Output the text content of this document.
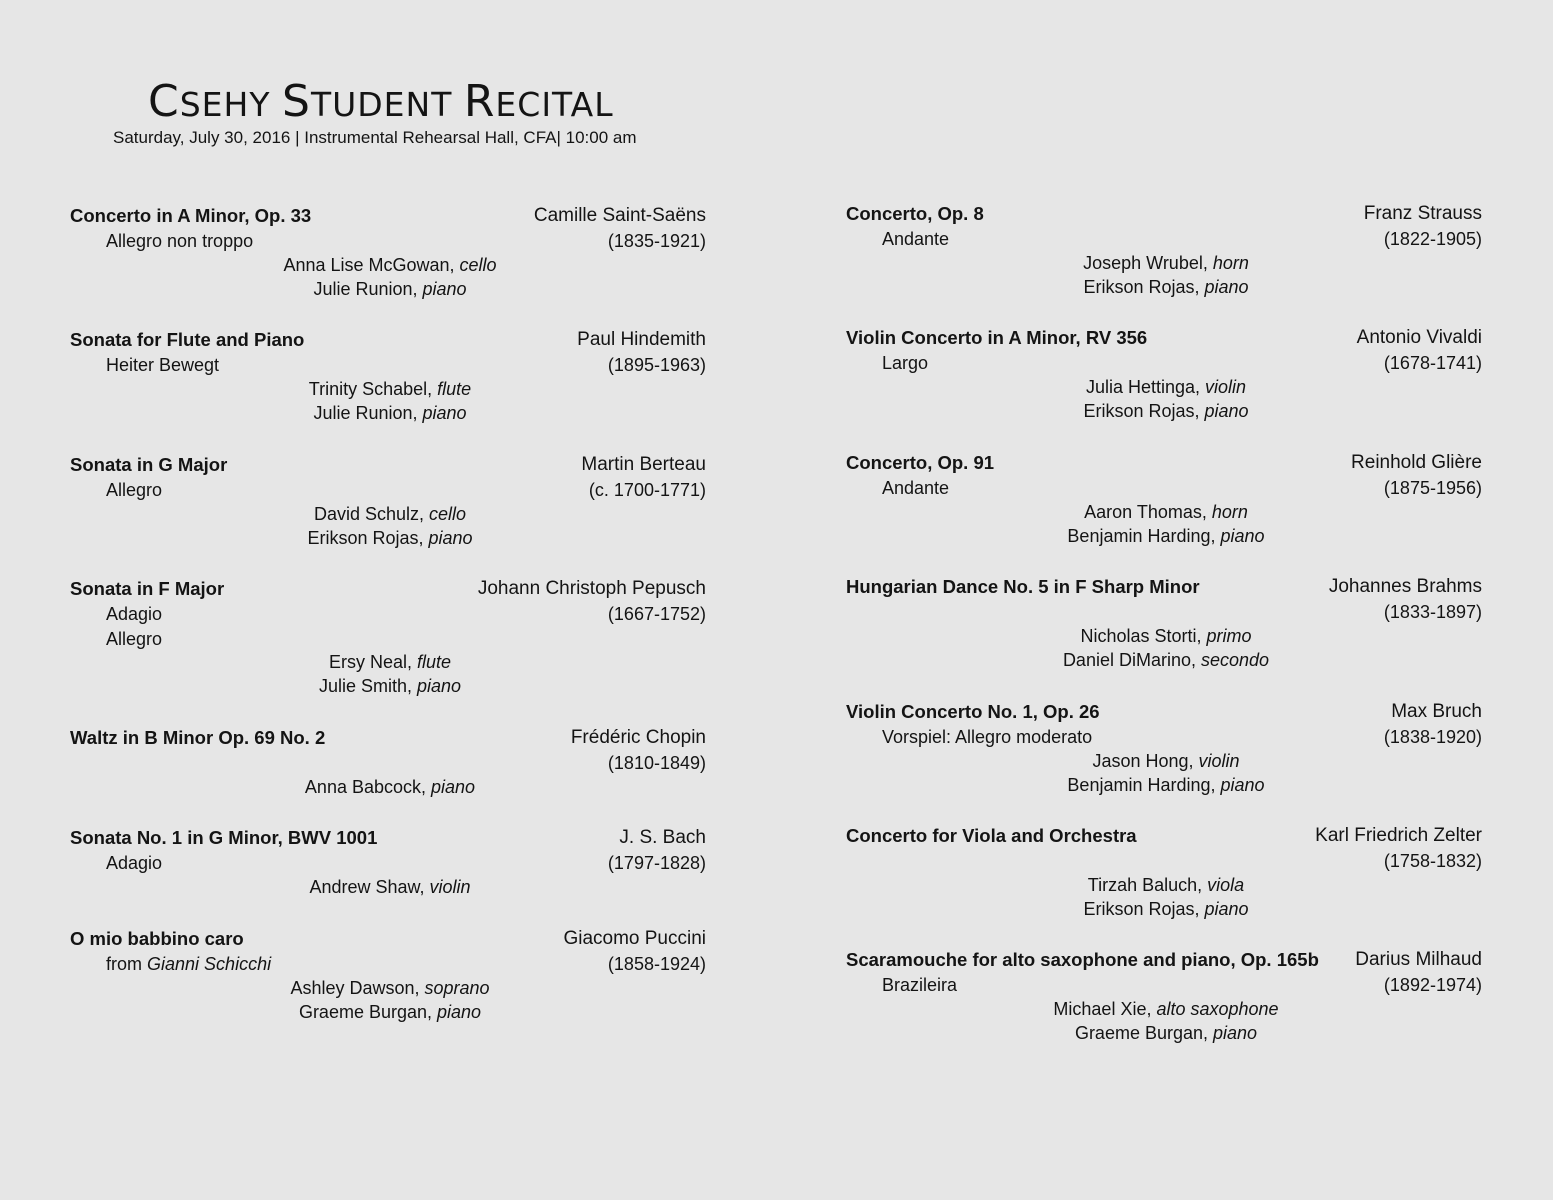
CSEHY STUDENT RECITAL
Saturday, July 30, 2016 | Instrumental Rehearsal Hall, CFA| 10:00 am
Concerto in A Minor, Op. 33	Camille Saint-Saëns
(1835-1921)
Allegro non troppo
Anna Lise McGowan, cello
Julie Runion, piano
Sonata for Flute and Piano	Paul Hindemith
(1895-1963)
Heiter Bewegt
Trinity Schabel, flute
Julie Runion, piano
Sonata in G Major	Martin Berteau
(c. 1700-1771)
Allegro
David Schulz, cello
Erikson Rojas, piano
Sonata in F Major	Johann Christoph Pepusch
(1667-1752)
Adagio
Allegro
Ersy Neal, flute
Julie Smith, piano
Waltz in B Minor Op. 69 No. 2	Frédéric Chopin
(1810-1849)
Anna Babcock, piano
Sonata No. 1 in G Minor, BWV 1001	J. S. Bach
(1797-1828)
Adagio
Andrew Shaw, violin
O mio babbino caro	Giacomo Puccini
(1858-1924)
from Gianni Schicchi
Ashley Dawson, soprano
Graeme Burgan, piano
Concerto, Op. 8	Franz Strauss
(1822-1905)
Andante
Joseph Wrubel, horn
Erikson Rojas, piano
Violin Concerto in A Minor, RV 356	Antonio Vivaldi
(1678-1741)
Largo
Julia Hettinga, violin
Erikson Rojas, piano
Concerto, Op. 91	Reinhold Glière
(1875-1956)
Andante
Aaron Thomas, horn
Benjamin Harding, piano
Hungarian Dance No. 5 in F Sharp Minor	Johannes Brahms
(1833-1897)
Nicholas Storti, primo
Daniel DiMarino, secondo
Violin Concerto No. 1, Op. 26	Max Bruch
(1838-1920)
Vorspiel: Allegro moderato
Jason Hong, violin
Benjamin Harding, piano
Concerto for Viola and Orchestra	Karl Friedrich Zelter
(1758-1832)
Tirzah Baluch, viola
Erikson Rojas, piano
Scaramouche for alto saxophone and piano, Op. 165b Darius Milhaud
(1892-1974)
Brazileira
Michael Xie, alto saxophone
Graeme Burgan, piano
